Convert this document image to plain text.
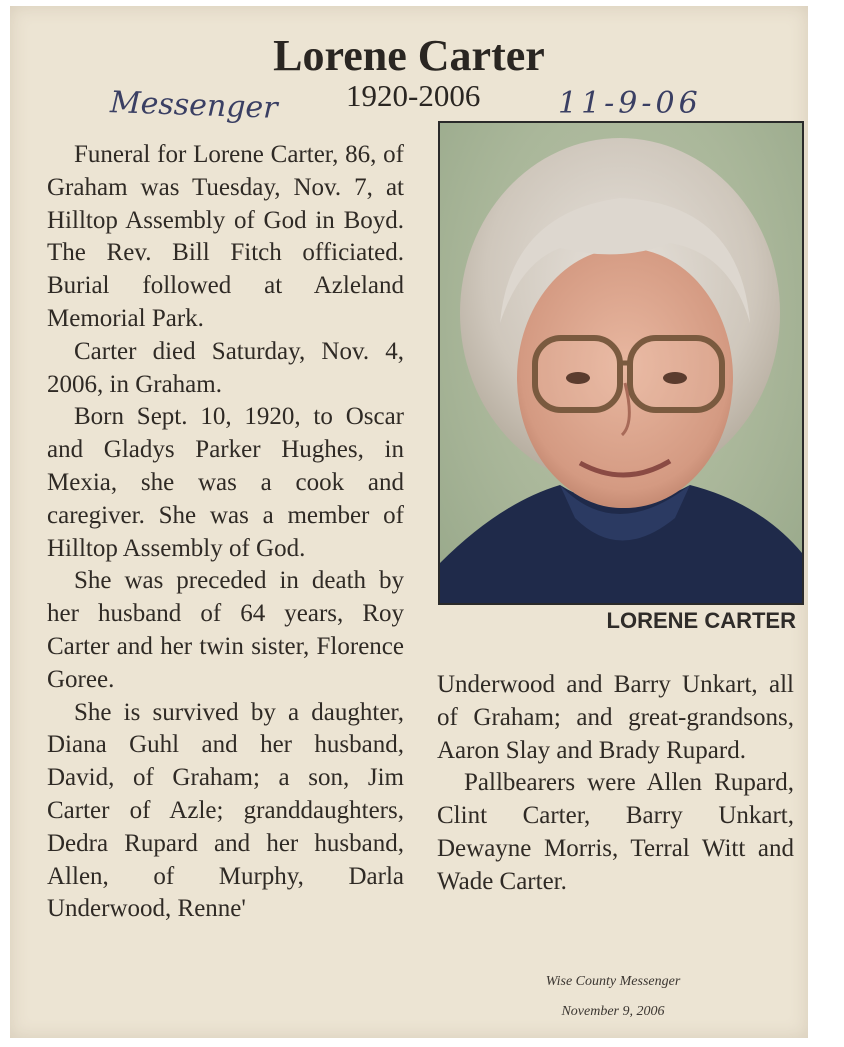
Lorene Carter
Messenger 1920-2006	11-9-06

Funeral for Lorene Carter, 86, of Graham was Tuesday, Nov. 7, at Hilltop Assembly of God in Boyd. The Rev. Bill Fitch officiated. Burial followed at Azleland Memorial Park.

Carter died Saturday, Nov. 4, 2006, in Graham.

Born Sept. 10, 1920, to Oscar and Gladys Parker Hughes, in Mexia, she was a cook and caregiver. She was a member of Hilltop Assembly of God.

She was preceded in death by her husband of 64 years, Roy Carter and her twin sister, Florence Goree.

She is survived by a daughter, Diana Guhl and her husband, David, of Graham; a son, Jim Carter of Azle; granddaughters, Dedra Rupard and her husband, Allen, of Murphy, Darla Underwood, Renne'

LORENE CARTER

Underwood and Barry Unkart, all of Graham; and great-grandsons, Aaron Slay and Brady Rupard.

Pallbearers were Allen Rupard, Clint Carter, Barry Unkart, Dewayne Morris, Terral Witt and Wade Carter.

Wise County Messenger
November 9, 2006
